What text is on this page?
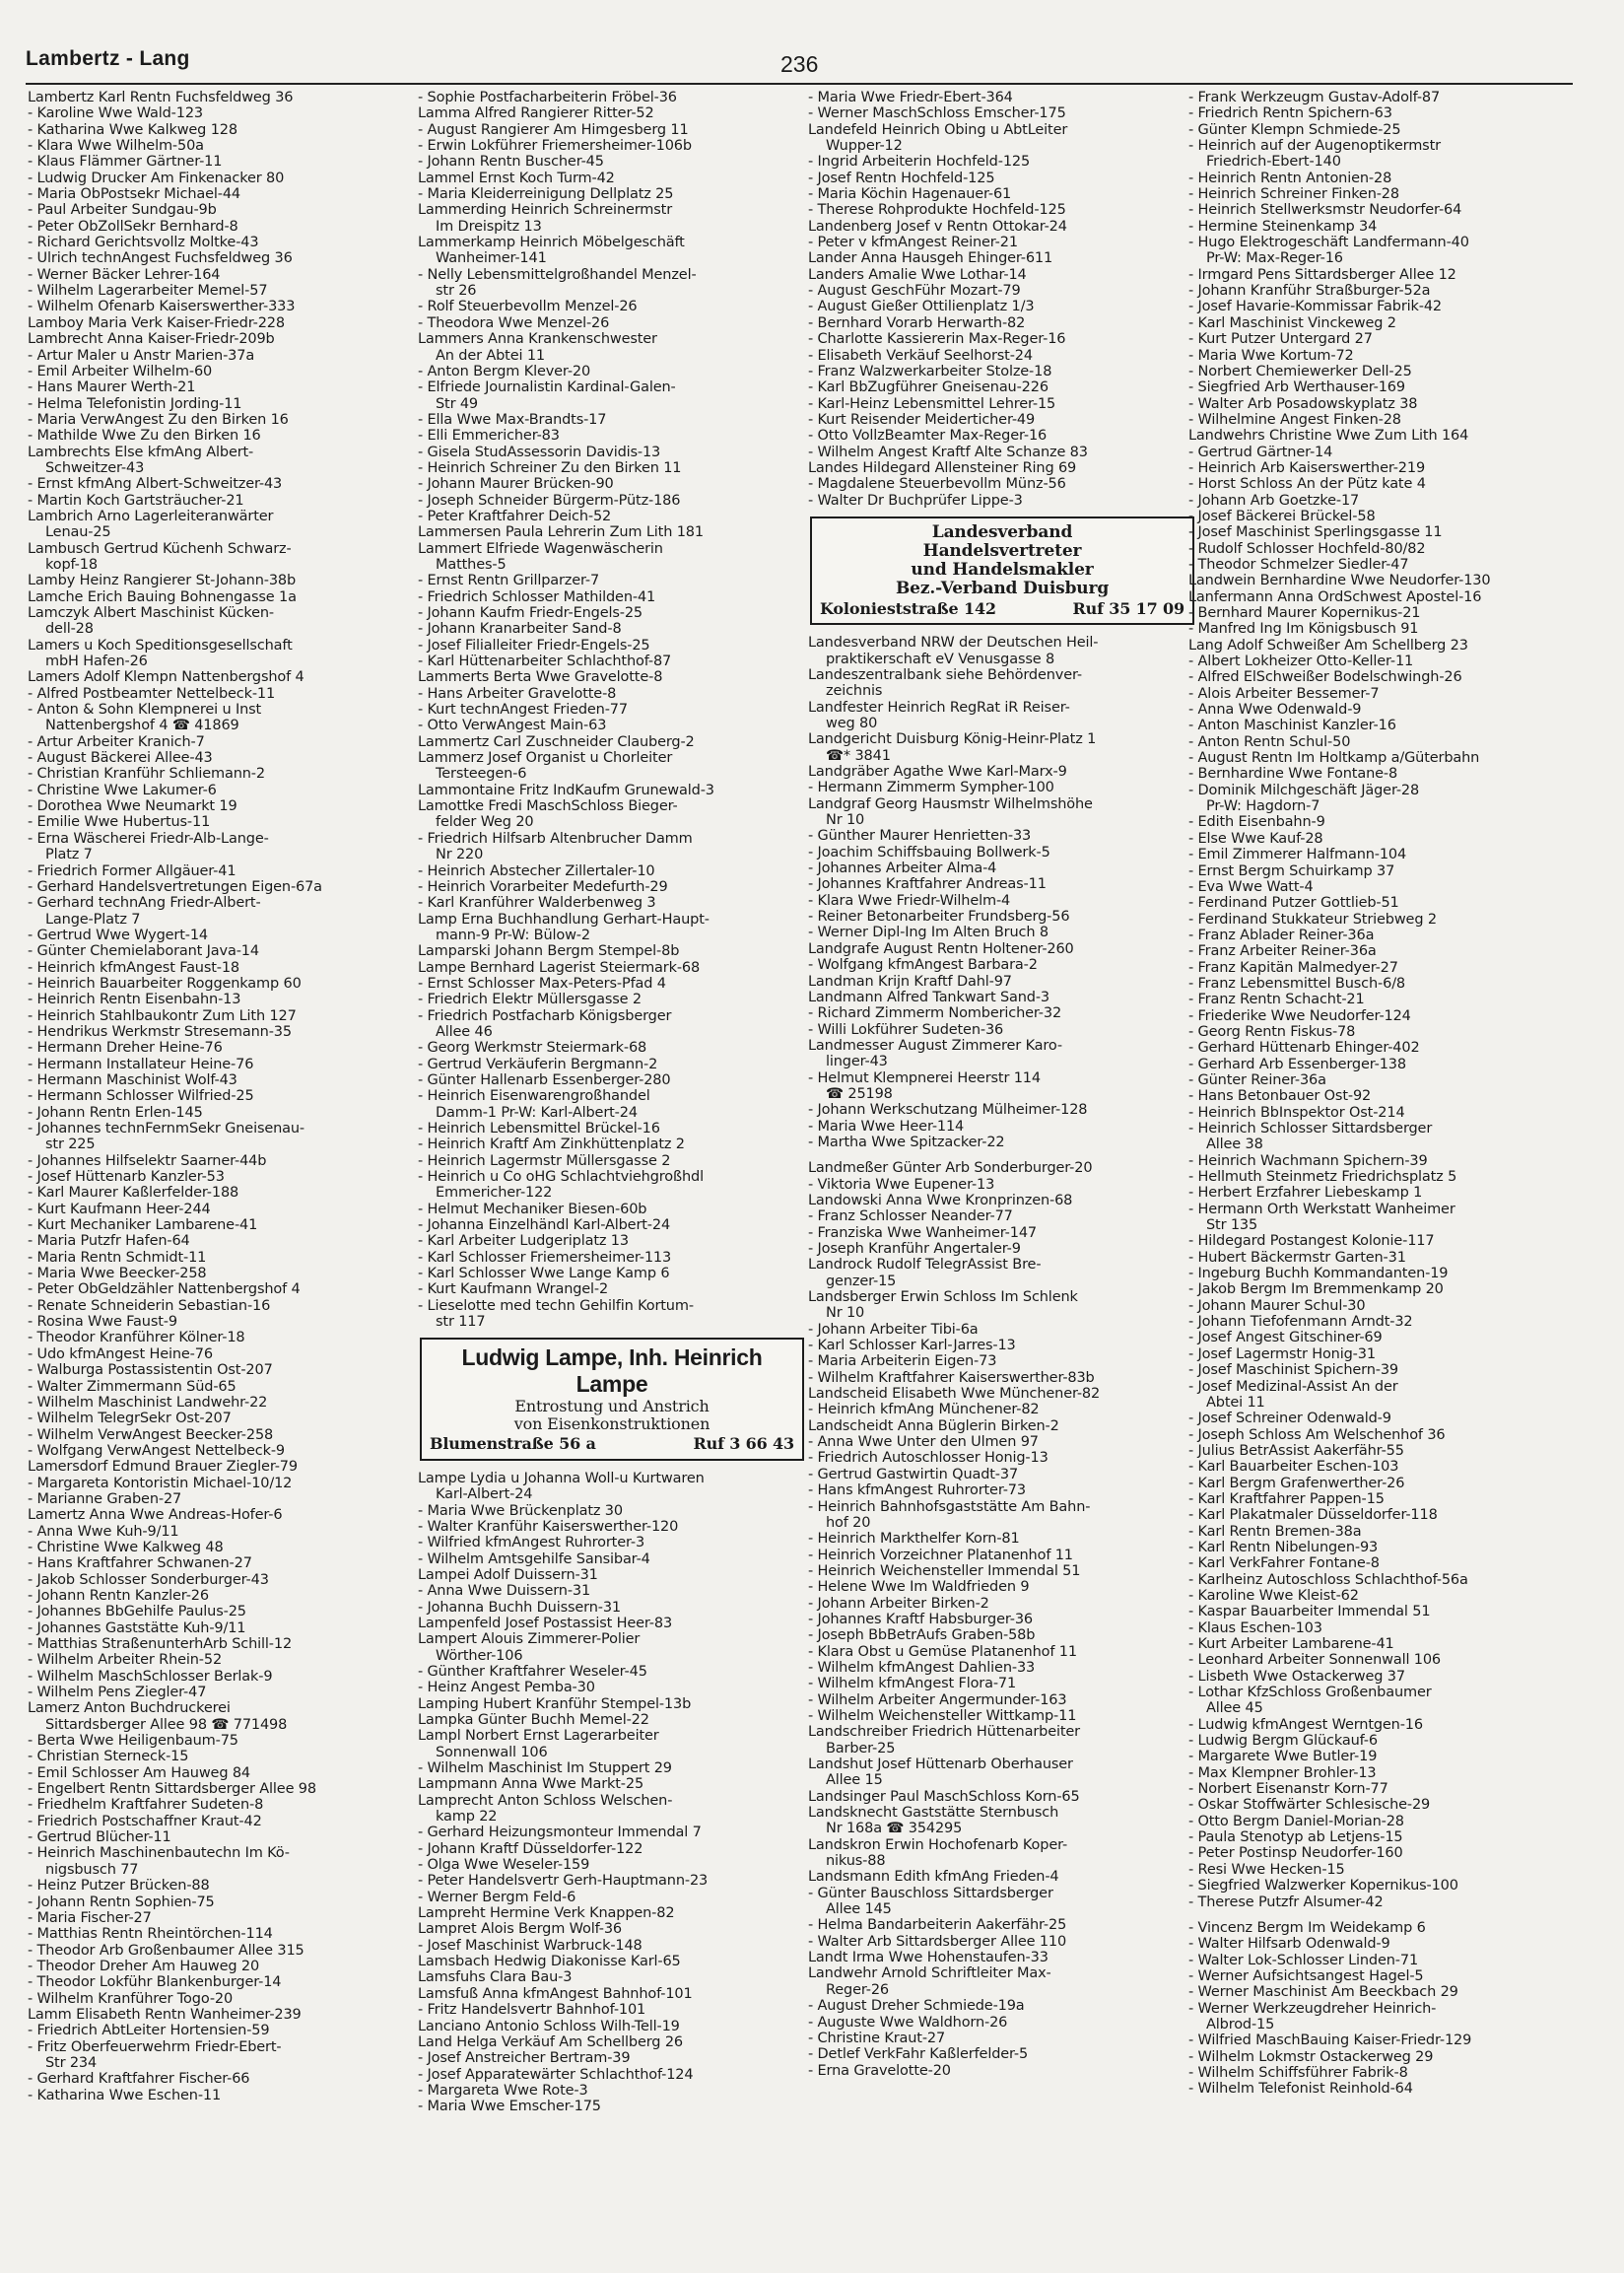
Lambertz - Lang	236
Lambertz Karl Rentn Fuchsfeldweg 36
- Karoline Wwe Wald-123
- Katharina Wwe Kalkweg 128
- Klara Wwe Wilhelm-50a
- Klaus Flämmer Gärtner-11
- Ludwig Drucker Am Finkenacker 80
- Maria ObPostsekr Michael-44
- Paul Arbeiter Sundgau-9b
- Peter ObZollSekr Bernhard-8
- Richard Gerichtsvollz Moltke-43
- Ulrich technAngest Fuchsfeldweg 36
- Werner Bäcker Lehrer-164
- Wilhelm Lagerarbeiter Memel-57
- Wilhelm Ofenarb Kaiserswerther-333
Lamboy Maria Verk Kaiser-Friedr-228
Lambrecht Anna Kaiser-Friedr-209b
- Artur Maler u Anstr Marien-37a
- Emil Arbeiter Wilhelm-60
- Hans Maurer Werth-21
- Helma Telefonistin Jording-11
- Maria VerwAngest Zu den Birken 16
- Mathilde Wwe Zu den Birken 16
Lambrechts Else kfmAng Albert-
Schweitzer-43
- Ernst kfmAng Albert-Schweitzer-43
- Martin Koch Gartsträucher-21
Lambrich Arno Lagerleiteranwärter
Lenau-25
Lambusch Gertrud Küchenh Schwarz-
kopf-18
Lamby Heinz Rangierer St-Johann-38b
Lamche Erich Bauing Bohnengasse 1a
Lamczyk Albert Maschinist Kücken-
dell-28
Lamers u Koch Speditionsgesellschaft
mbH Hafen-26
Lamers Adolf Klempn Nattenbergshof 4
- Alfred Postbeamter Nettelbeck-11
- Anton & Sohn Klempnerei u Inst
Nattenbergshof 4 ☎ 41869
- Artur Arbeiter Kranich-7
- August Bäckerei Allee-43
- Christian Kranführ Schliemann-2
- Christine Wwe Lakumer-6
- Dorothea Wwe Neumarkt 19
- Emilie Wwe Hubertus-11
- Erna Wäscherei Friedr-Alb-Lange-
Platz 7
- Friedrich Former Allgäuer-41
- Gerhard Handelsvertretungen Eigen-67a
- Gerhard technAng Friedr-Albert-
Lange-Platz 7
- Gertrud Wwe Wygert-14
- Günter Chemielaborant Java-14
- Heinrich kfmAngest Faust-18
- Heinrich Bauarbeiter Roggenkamp 60
- Heinrich Rentn Eisenbahn-13
- Heinrich Stahlbaukontr Zum Lith 127
- Hendrikus Werkmstr Stresemann-35
- Hermann Dreher Heine-76
- Hermann Installateur Heine-76
- Hermann Maschinist Wolf-43
- Hermann Schlosser Wilfried-25
- Johann Rentn Erlen-145
- Johannes technFernmSekr Gneisenau-
str 225
- Johannes Hilfselektr Saarner-44b
- Josef Hüttenarb Kanzler-53
- Karl Maurer Kaßlerfelder-188
- Kurt Kaufmann Heer-244
- Kurt Mechaniker Lambarene-41
- Maria Putzfr Hafen-64
- Maria Rentn Schmidt-11
- Maria Wwe Beecker-258
- Peter ObGeldzähler Nattenbergshof 4
- Renate Schneiderin Sebastian-16
- Rosina Wwe Faust-9
- Theodor Kranführer Kölner-18
- Udo kfmAngest Heine-76
- Walburga Postassistentin Ost-207
- Walter Zimmermann Süd-65
- Wilhelm Maschinist Landwehr-22
- Wilhelm TelegrSekr Ost-207
- Wilhelm VerwAngest Beecker-258
- Wolfgang VerwAngest Nettelbeck-9
Lamersdorf Edmund Brauer Ziegler-79
- Margareta Kontoristin Michael-10/12
- Marianne Graben-27
Lamertz Anna Wwe Andreas-Hofer-6
- Anna Wwe Kuh-9/11
- Christine Wwe Kalkweg 48
- Hans Kraftfahrer Schwanen-27
- Jakob Schlosser Sonderburger-43
- Johann Rentn Kanzler-26
- Johannes BbGehilfe Paulus-25
- Johannes Gaststätte Kuh-9/11
- Matthias StraßenunterhArb Schill-12
- Wilhelm Arbeiter Rhein-52
- Wilhelm MaschSchlosser Berlak-9
- Wilhelm Pens Ziegler-47
Lamerz Anton Buchdruckerei
Sittardsberger Allee 98 ☎ 771498
- Berta Wwe Heiligenbaum-75
- Christian Sterneck-15
- Emil Schlosser Am Hauweg 84
- Engelbert Rentn Sittardsberger Allee 98
- Friedhelm Kraftfahrer Sudeten-8
- Friedrich Postschaffner Kraut-42
- Gertrud Blücher-11
- Heinrich Maschinenbautechn Im Kö-
nigsbusch 77
- Heinz Putzer Brücken-88
- Johann Rentn Sophien-75
- Maria Fischer-27
- Matthias Rentn Rheintörchen-114
- Theodor Arb Großenbaumer Allee 315
- Theodor Dreher Am Hauweg 20
- Theodor Lokführ Blankenburger-14
- Wilhelm Kranführer Togo-20
Lamm Elisabeth Rentn Wanheimer-239
- Friedrich AbtLeiter Hortensien-59
- Fritz Oberfeuerwehrm Friedr-Ebert-
Str 234
- Gerhard Kraftfahrer Fischer-66
- Katharina Wwe Eschen-11
- Sophie Postfacharbeiterin Fröbel-36
Lamma Alfred Rangierer Ritter-52
- August Rangierer Am Himgesberg 11
- Erwin Lokführer Friemersheimer-106b
- Johann Rentn Buscher-45
Lammel Ernst Koch Turm-42
- Maria Kleiderreinigung Dellplatz 25
Lammerding Heinrich Schreinermstr
Im Dreispitz 13
Lammerkamp Heinrich Möbelgeschäft
Wanheimer-141
- Nelly Lebensmittelgroßhandel Menzel-
str 26
- Rolf Steuerbevollm Menzel-26
- Theodora Wwe Menzel-26
Lammers Anna Krankenschwester
An der Abtei 11
- Anton Bergm Klever-20
- Elfriede Journalistin Kardinal-Galen-
Str 49
- Ella Wwe Max-Brandts-17
- Elli Emmericher-83
- Gisela StudAssessorin Davidis-13
- Heinrich Schreiner Zu den Birken 11
- Johann Maurer Brücken-90
- Joseph Schneider Bürgerm-Pütz-186
- Peter Kraftfahrer Deich-52
Lammersen Paula Lehrerin Zum Lith 181
Lammert Elfriede Wagenwäscherin
Matthes-5
- Ernst Rentn Grillparzer-7
- Friedrich Schlosser Mathilden-41
- Johann Kaufm Friedr-Engels-25
- Johann Kranarbeiter Sand-8
- Josef Filialleiter Friedr-Engels-25
- Karl Hüttenarbeiter Schlachthof-87
Lammerts Berta Wwe Gravelotte-8
- Hans Arbeiter Gravelotte-8
- Kurt technAngest Frieden-77
- Otto VerwAngest Main-63
Lammertz Carl Zuschneider Clauberg-2
Lammerz Josef Organist u Chorleiter
Tersteegen-6
Lammontaine Fritz IndKaufm Grunewald-3
Lamottke Fredi MaschSchloss Bieger-
felder Weg 20
- Friedrich Hilfsarb Altenbrucher Damm
Nr 220
- Heinrich Abstecher Zillertaler-10
- Heinrich Vorarbeiter Medefurth-29
- Karl Kranführer Walderbenweg 3
Lamp Erna Buchhandlung Gerhart-Haupt-
mann-9 Pr-W: Bülow-2
Lamparski Johann Bergm Stempel-8b
Lampe Bernhard Lagerist Steiermark-68
- Ernst Schlosser Max-Peters-Pfad 4
- Friedrich Elektr Müllersgasse 2
- Friedrich Postfacharb Königsberger
Allee 46
- Georg Werkmstr Steiermark-68
- Gertrud Verkäuferin Bergmann-2
- Günter Hallenarb Essenberger-280
- Heinrich Eisenwarengroßhandel
Damm-1 Pr-W: Karl-Albert-24
- Heinrich Lebensmittel Brückel-16
- Heinrich Kraftf Am Zinkhüttenplatz 2
- Heinrich Lagermstr Müllersgasse 2
- Heinrich u Co oHG Schlachtviehgroßhdl
Emmericher-122
- Helmut Mechaniker Biesen-60b
- Johanna Einzelhändl Karl-Albert-24
- Karl Arbeiter Ludgeriplatz 13
- Karl Schlosser Friemersheimer-113
- Karl Schlosser Wwe Lange Kamp 6
- Kurt Kaufmann Wrangel-2
- Lieselotte med techn Gehilfin Kortum-
str 117
Ludwig Lampe, Inh. Heinrich Lampe
Entrostung und Anstrich
von Eisenkonstruktionen
Blumenstraße 56 a	Ruf 3 66 43
Lampe Lydia u Johanna Woll-u Kurtwaren
Karl-Albert-24
- Maria Wwe Brückenplatz 30
- Walter Kranführ Kaiserswerther-120
- Wilfried kfmAngest Ruhrorter-3
- Wilhelm Amtsgehilfe Sansibar-4
Lampei Adolf Duissern-31
- Anna Wwe Duissern-31
- Johanna Buchh Duissern-31
Lampenfeld Josef Postassist Heer-83
Lampert Alouis Zimmerer-Polier
Wörther-106
- Günther Kraftfahrer Weseler-45
- Heinz Angest Pemba-30
Lamping Hubert Kranführ Stempel-13b
Lampka Günter Buchh Memel-22
Lampl Norbert Ernst Lagerarbeiter
Sonnenwall 106
- Wilhelm Maschinist Im Stuppert 29
Lampmann Anna Wwe Markt-25
Lamprecht Anton Schloss Welschen-
kamp 22
- Gerhard Heizungsmonteur Immendal 7
- Johann Kraftf Düsseldorfer-122
- Olga Wwe Weseler-159
- Peter Handelsvertr Gerh-Hauptmann-23
- Werner Bergm Feld-6
Lampreht Hermine Verk Knappen-82
Lampret Alois Bergm Wolf-36
- Josef Maschinist Warbruck-148
Lamsbach Hedwig Diakonisse Karl-65
Lamsfuhs Clara Bau-3
Lamsfuß Anna kfmAngest Bahnhof-101
- Fritz Handelsvertr Bahnhof-101
Lanciano Antonio Schloss Wilh-Tell-19
Land Helga Verkäuf Am Schellberg 26
- Josef Anstreicher Bertram-39
- Josef Apparatewärter Schlachthof-124
- Margareta Wwe Rote-3
- Maria Wwe Emscher-175
- Maria Wwe Friedr-Ebert-364
- Werner MaschSchloss Emscher-175
Landefeld Heinrich Obing u AbtLeiter
Wupper-12
- Ingrid Arbeiterin Hochfeld-125
- Josef Rentn Hochfeld-125
- Maria Köchin Hagenauer-61
- Therese Rohprodukte Hochfeld-125
Landenberg Josef v Rentn Ottokar-24
- Peter v kfmAngest Reiner-21
Lander Anna Hausgeh Ehinger-611
Landers Amalie Wwe Lothar-14
- August GeschFühr Mozart-79
- August Gießer Ottilienplatz 1/3
- Bernhard Vorarb Herwarth-82
- Charlotte Kassiererin Max-Reger-16
- Elisabeth Verkäuf Seelhorst-24
- Franz Walzwerkarbeiter Stolze-18
- Karl BbZugführer Gneisenau-226
- Karl-Heinz Lebensmittel Lehrer-15
- Kurt Reisender Meiderticher-49
- Otto VollzBeamter Max-Reger-16
- Wilhelm Angest Kraftf Alte Schanze 83
Landes Hildegard Allensteiner Ring 69
- Magdalene Steuerbevollm Münz-56
- Walter Dr Buchprüfer Lippe-3
Landesverband
Handelsvertreter
und Handelsmakler
Bez.-Verband Duisburg
Kolonieststraße 142	Ruf 35 17 09
Landesverband NRW der Deutschen Heil-
praktikerschaft eV Venusgasse 8
Landeszentralbank siehe Behördenver-
zeichnis
Landfester Heinrich RegRat iR Reiser-
weg 80
Landgericht Duisburg König-Heinr-Platz 1
☎* 3841
Landgräber Agathe Wwe Karl-Marx-9
- Hermann Zimmerm Sympher-100
Landgraf Georg Hausmstr Wilhelmshöhe
Nr 10
- Günther Maurer Henrietten-33
- Joachim Schiffsbauing Bollwerk-5
- Johannes Arbeiter Alma-4
- Johannes Kraftfahrer Andreas-11
- Klara Wwe Friedr-Wilhelm-4
- Reiner Betonarbeiter Frundsberg-56
- Werner Dipl-Ing Im Alten Bruch 8
Landgrafe August Rentn Holtener-260
- Wolfgang kfmAngest Barbara-2
Landman Krijn Kraftf Dahl-97
Landmann Alfred Tankwart Sand-3
- Richard Zimmerm Nombericher-32
- Willi Lokführer Sudeten-36
Landmesser August Zimmerer Karo-
linger-43
- Helmut Klempnerei Heerstr 114
☎ 25198
- Johann Werkschutzang Mülheimer-128
- Maria Wwe Heer-114
- Martha Wwe Spitzacker-22
Landmeßer Günter Arb Sonderburger-20
- Viktoria Wwe Eupener-13
Landowski Anna Wwe Kronprinzen-68
- Franz Schlosser Neander-77
- Franziska Wwe Wanheimer-147
- Joseph Kranführ Angertaler-9
Landrock Rudolf TelegrAssist Bre-
genzer-15
Landsberger Erwin Schloss Im Schlenk
Nr 10
- Johann Arbeiter Tibi-6a
- Karl Schlosser Karl-Jarres-13
- Maria Arbeiterin Eigen-73
- Wilhelm Kraftfahrer Kaiserswerther-83b
Landscheid Elisabeth Wwe Münchener-82
- Heinrich kfmAng Münchener-82
Landscheidt Anna Büglerin Birken-2
- Anna Wwe Unter den Ulmen 97
- Friedrich Autoschlosser Honig-13
- Gertrud Gastwirtin Quadt-37
- Hans kfmAngest Ruhrorter-73
- Heinrich Bahnhofsgaststätte Am Bahn-
hof 20
- Heinrich Markthelfer Korn-81
- Heinrich Vorzeichner Platanenhof 11
- Heinrich Weichensteller Immendal 51
- Helene Wwe Im Waldfrieden 9
- Johann Arbeiter Birken-2
- Johannes Kraftf Habsburger-36
- Joseph BbBetrAufs Graben-58b
- Klara Obst u Gemüse Platanenhof 11
- Wilhelm kfmAngest Dahlien-33
- Wilhelm kfmAngest Flora-71
- Wilhelm Arbeiter Angermunder-163
- Wilhelm Weichensteller Wittkamp-11
Landschreiber Friedrich Hüttenarbeiter
Barber-25
Landshut Josef Hüttenarb Oberhauser
Allee 15
Landsinger Paul MaschSchloss Korn-65
Landsknecht Gaststätte Sternbusch
Nr 168a ☎ 354295
Landskron Erwin Hochofenarb Koper-
nikus-88
Landsmann Edith kfmAng Frieden-4
- Günter Bauschloss Sittardsberger
Allee 145
- Helma Bandarbeiterin Aakerfähr-25
- Walter Arb Sittardsberger Allee 110
Landt Irma Wwe Hohenstaufen-33
Landwehr Arnold Schriftleiter Max-
Reger-26
- August Dreher Schmiede-19a
- Auguste Wwe Waldhorn-26
- Christine Kraut-27
- Detlef VerkFahr Kaßlerfelder-5
- Erna Gravelotte-20
- Frank Werkzeugm Gustav-Adolf-87
- Friedrich Rentn Spichern-63
- Günter Klempn Schmiede-25
- Heinrich auf der Augenoptikermstr
Friedrich-Ebert-140
- Heinrich Rentn Antonien-28
- Heinrich Schreiner Finken-28
- Heinrich Stellwerksmstr Neudorfer-64
- Hermine Steinenkamp 34
- Hugo Elektrogeschäft Landfermann-40
Pr-W: Max-Reger-16
- Irmgard Pens Sittardsberger Allee 12
- Johann Kranführ Straßburger-52a
- Josef Havarie-Kommissar Fabrik-42
- Karl Maschinist Vinckeweg 2
- Kurt Putzer Untergard 27
- Maria Wwe Kortum-72
- Norbert Chemiewerker Dell-25
- Siegfried Arb Werthauser-169
- Walter Arb Posadowskyplatz 38
- Wilhelmine Angest Finken-28
Landwehrs Christine Wwe Zum Lith 164
- Gertrud Gärtner-14
- Heinrich Arb Kaiserswerther-219
- Horst Schloss An der Pütz kate 4
- Johann Arb Goetzke-17
- Josef Bäckerei Brückel-58
- Josef Maschinist Sperlingsgasse 11
- Rudolf Schlosser Hochfeld-80/82
- Theodor Schmelzer Siedler-47
Landwein Bernhardine Wwe Neudorfer-130
Lanfermann Anna OrdSchwest Apostel-16
- Bernhard Maurer Kopernikus-21
- Manfred Ing Im Königsbusch 91
Lang Adolf Schweißer Am Schellberg 23
- Albert Lokheizer Otto-Keller-11
- Alfred ElSchweißer Bodelschwingh-26
- Alois Arbeiter Bessemer-7
- Anna Wwe Odenwald-9
- Anton Maschinist Kanzler-16
- Anton Rentn Schul-50
- August Rentn Im Holtkamp a/Güterbahn
- Bernhardine Wwe Fontane-8
- Dominik Milchgeschäft Jäger-28
Pr-W: Hagdorn-7
- Edith Eisenbahn-9
- Else Wwe Kauf-28
- Emil Zimmerer Halfmann-104
- Ernst Bergm Schuirkamp 37
- Eva Wwe Watt-4
- Ferdinand Putzer Gottlieb-51
- Ferdinand Stukkateur Striebweg 2
- Franz Ablader Reiner-36a
- Franz Arbeiter Reiner-36a
- Franz Kapitän Malmedyer-27
- Franz Lebensmittel Busch-6/8
- Franz Rentn Schacht-21
- Friederike Wwe Neudorfer-124
- Georg Rentn Fiskus-78
- Gerhard Hüttenarb Ehinger-402
- Gerhard Arb Essenberger-138
- Günter Reiner-36a
- Hans Betonbauer Ost-92
- Heinrich BbInspektor Ost-214
- Heinrich Schlosser Sittardsberger
Allee 38
- Heinrich Wachmann Spichern-39
- Hellmuth Steinmetz Friedrichsplatz 5
- Herbert Erzfahrer Liebeskamp 1
- Hermann Orth Werkstatt Wanheimer
Str 135
- Hildegard Postangest Kolonie-117
- Hubert Bäckermstr Garten-31
- Ingeburg Buchh Kommandanten-19
- Jakob Bergm Im Bremmenkamp 20
- Johann Maurer Schul-30
- Johann Tiefofenmann Arndt-32
- Josef Angest Gitschiner-69
- Josef Lagermstr Honig-31
- Josef Maschinist Spichern-39
- Josef Medizinal-Assist An der
Abtei 11
- Josef Schreiner Odenwald-9
- Joseph Schloss Am Welschenhof 36
- Julius BetrAssist Aakerfähr-55
- Karl Bauarbeiter Eschen-103
- Karl Bergm Grafenwerther-26
- Karl Kraftfahrer Pappen-15
- Karl Plakatmaler Düsseldorfer-118
- Karl Rentn Bremen-38a
- Karl Rentn Nibelungen-93
- Karl VerkFahrer Fontane-8
- Karlheinz Autoschloss Schlachthof-56a
- Karoline Wwe Kleist-62
- Kaspar Bauarbeiter Immendal 51
- Klaus Eschen-103
- Kurt Arbeiter Lambarene-41
- Leonhard Arbeiter Sonnenwall 106
- Lisbeth Wwe Ostackerweg 37
- Lothar KfzSchloss Großenbaumer
Allee 45
- Ludwig kfmAngest Werntgen-16
- Ludwig Bergm Glückauf-6
- Margarete Wwe Butler-19
- Max Klempner Brohler-13
- Norbert Eisenanstr Korn-77
- Oskar Stoffwärter Schlesische-29
- Otto Bergm Daniel-Morian-28
- Paula Stenotyp ab Letjens-15
- Peter Postinsp Neudorfer-160
- Resi Wwe Hecken-15
- Siegfried Walzwerker Kopernikus-100
- Therese Putzfr Alsumer-42
- Vincenz Bergm Im Weidekamp 6
- Walter Hilfsarb Odenwald-9
- Walter Lok-Schlosser Linden-71
- Werner Aufsichtsangest Hagel-5
- Werner Maschinist Am Beeckbach 29
- Werner Werkzeugdreher Heinrich-
Albrod-15
- Wilfried MaschBauing Kaiser-Friedr-129
- Wilhelm Lokmstr Ostackerweg 29
- Wilhelm Schiffsführer Fabrik-8
- Wilhelm Telefonist Reinhold-64
